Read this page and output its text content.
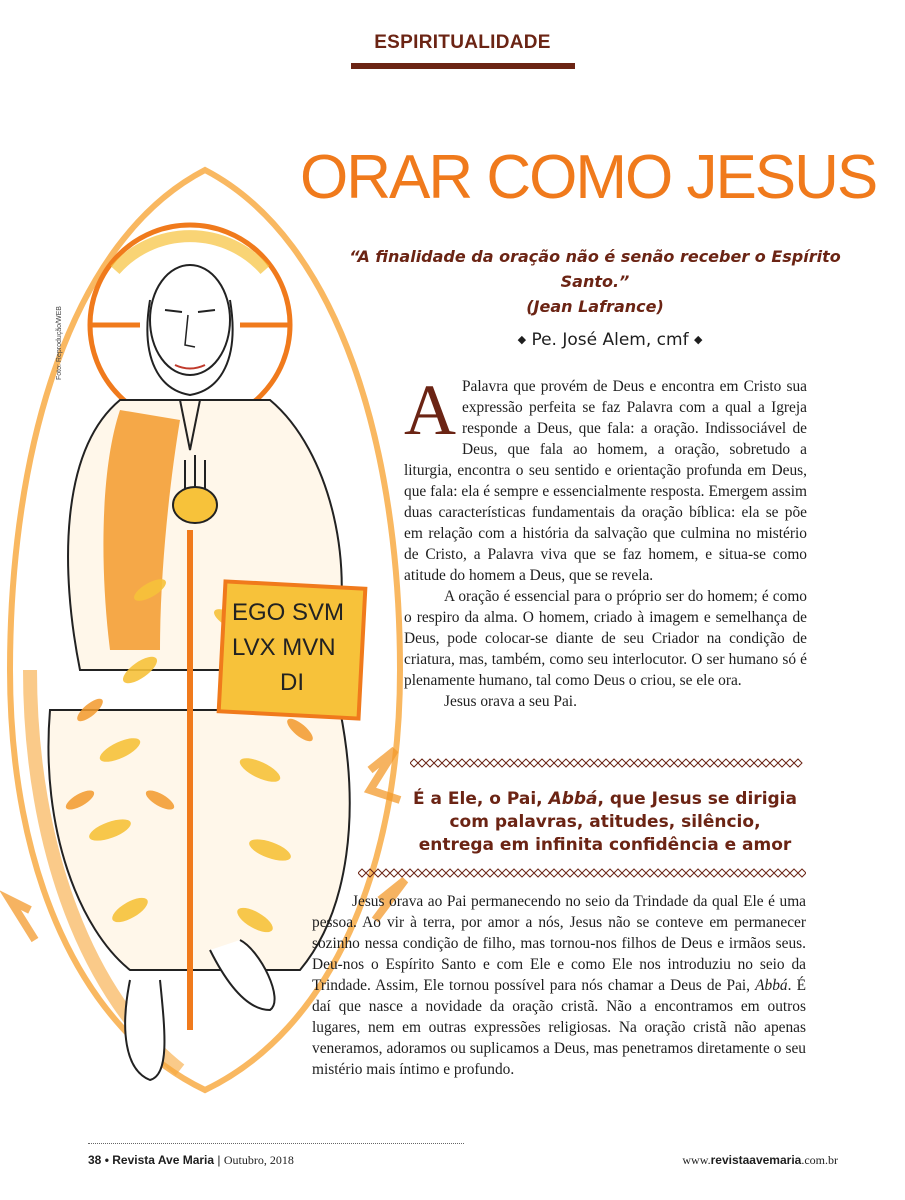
ESPIRITUALIDADE
ORAR COMO JESUS
“A finalidade da oração não é senão receber o Espírito Santo.”
(Jean Lafrance)
◆ Pe. José Alem, cmf ◆
EGO SVM
LVX MVN
DI
Foto: Reprodução/WEB

A Palavra que provém de Deus e encontra em Cristo sua expressão perfeita se faz Palavra com a qual a Igreja responde a Deus, que fala: a oração. Indissociável de Deus, que fala ao homem, a oração, sobretudo a liturgia, encontra o seu sentido e orientação profunda em Deus, que fala: ela é sempre e essencialmente resposta. Emergem assim duas características fundamentais da oração bíblica: ela se põe em relação com a história da salvação que culmina no mistério de Cristo, a Palavra viva que se faz homem, e situa-se como atitude do homem a Deus, que se revela.

A oração é essencial para o próprio ser do homem; é como o respiro da alma. O homem, criado à imagem e semelhança de Deus, pode colocar-se diante de seu Criador na condição de criatura, mas, também, como seu interlocutor. O ser humano só é plenamente humano, tal como Deus o criou, se ele ora.

Jesus orava a seu Pai.

É a Ele, o Pai, Abbá, que Jesus se dirigia com palavras, atitudes, silêncio, entrega em infinita confidência e amor

Jesus orava ao Pai permanecendo no seio da Trindade da qual Ele é uma pessoa. Ao vir à terra, por amor a nós, Jesus não se conteve em permanecer sozinho nessa condição de filho, mas tornou-nos filhos de Deus e irmãos seus. Deu-nos o Espírito Santo e com Ele e como Ele nos introduziu no seio da Trindade. Assim, Ele tornou possível para nós chamar a Deus de Pai, Abbá. É daí que nasce a novidade da oração cristã. Não a encontramos em outros lugares, nem em outras expressões religiosas. Na oração cristã não apenas veneramos, adoramos ou suplicamos a Deus, mas penetramos diretamente o seu mistério mais íntimo e profundo.

38 • Revista Ave Maria | Outubro, 2018	www.revistaavemaria.com.br
